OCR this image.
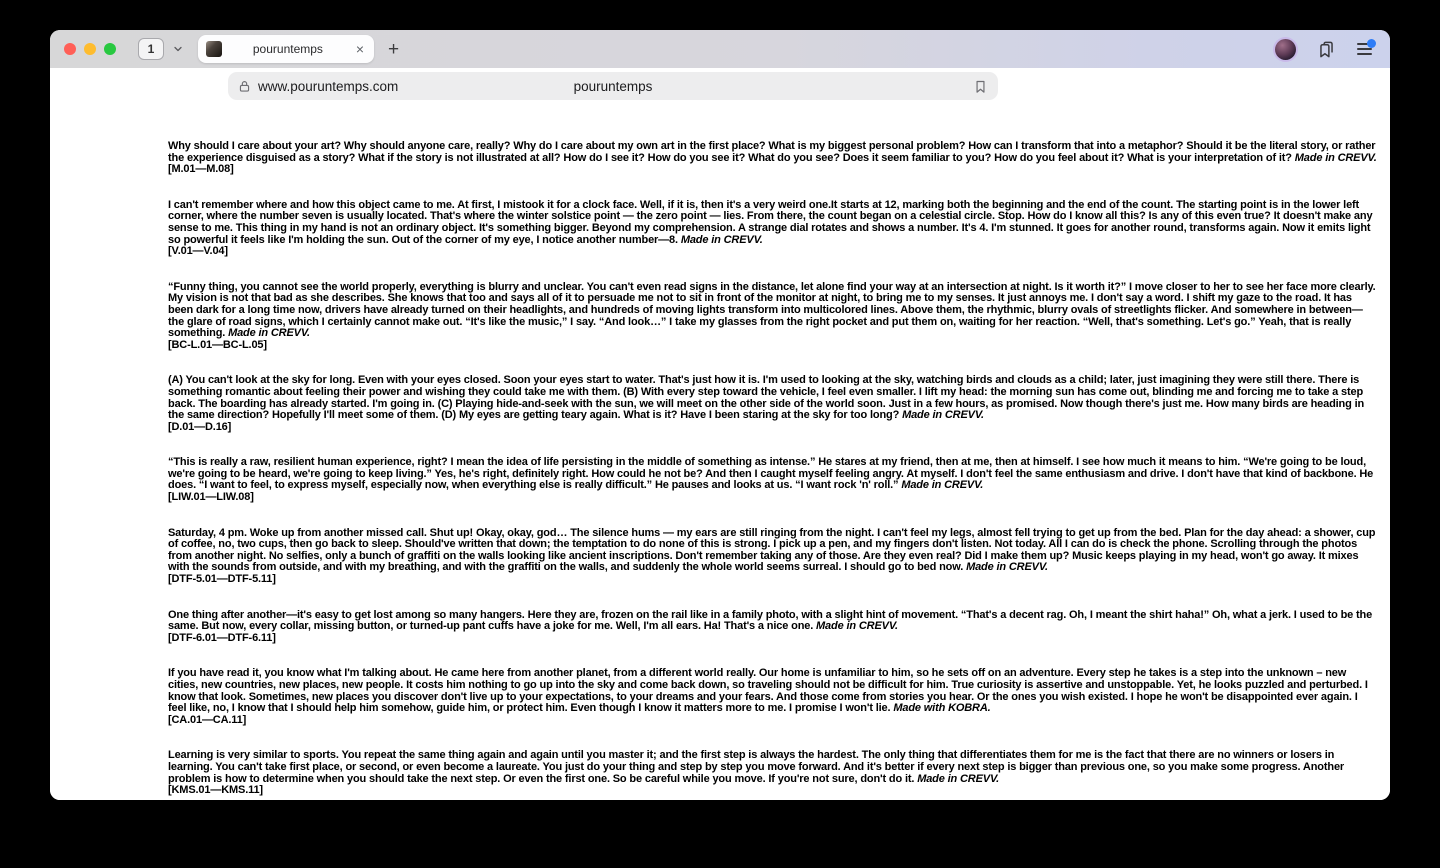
1	pouruntemps	× +
www.pouruntemps.com	pouruntemps

Why should I care about your art? Why should anyone care, really? Why do I care about my own art in the first place? What is my biggest personal problem? How can I transform that into a metaphor? Should it be the literal story, or rather the experience disguised as a story? What if the story is not illustrated at all? How do I see it? How do you see it? What do you see? Does it seem familiar to you? How do you feel about it? What is your interpretation of it? Made in CREVV.

[M.01—M.08]

I can't remember where and how this object came to me. At first, I mistook it for a clock face. Well, if it is, then it's a very weird one.It starts at 12, marking both the beginning and the end of the count. The starting point is in the lower left corner, where the number seven is usually located. That's where the winter solstice point — the zero point — lies. From there, the count began on a celestial circle. Stop. How do I know all this? Is any of this even true? It doesn't make any sense to me. This thing in my hand is not an ordinary object. It's something bigger. Beyond my comprehension. A strange dial rotates and shows a number. It's 4. I'm stunned. It goes for another round, transforms again. Now it emits light so powerful it feels like I'm holding the sun. Out of the corner of my eye, I notice another number—8. Made in CREVV.

[V.01—V.04]

“Funny thing, you cannot see the world properly, everything is blurry and unclear. You can't even read signs in the distance, let alone find your way at an intersection at night. Is it worth it?” I move closer to her to see her face more clearly. My vision is not that bad as she describes. She knows that too and says all of it to persuade me not to sit in front of the monitor at night, to bring me to my senses. It just annoys me. I don't say a word. I shift my gaze to the road. It has been dark for a long time now, drivers have already turned on their headlights, and hundreds of moving lights transform into multicolored lines. Above them, the rhythmic, blurry ovals of streetlights flicker. And somewhere in between—the glare of road signs, which I certainly cannot make out. “It's like the music,” I say. “And look…” I take my glasses from the right pocket and put them on, waiting for her reaction. “Well, that's something. Let's go.” Yeah, that is really something. Made in CREVV.

[BC-L.01—BC-L.05]

(A) You can't look at the sky for long. Even with your eyes closed. Soon your eyes start to water. That's just how it is. I'm used to looking at the sky, watching birds and clouds as a child; later, just imagining they were still there. There is something romantic about feeling their power and wishing they could take me with them. (B) With every step toward the vehicle, I feel even smaller. I lift my head: the morning sun has come out, blinding me and forcing me to take a step back. The boarding has already started. I'm going in. (C) Playing hide-and-seek with the sun, we will meet on the other side of the world soon. Just in a few hours, as promised. Now though there's just me. How many birds are heading in the same direction? Hopefully I'll meet some of them. (D) My eyes are getting teary again. What is it? Have I been staring at the sky for too long? Made in CREVV.

[D.01—D.16]

“This is really a raw, resilient human experience, right? I mean the idea of life persisting in the middle of something as intense.” He stares at my friend, then at me, then at himself. I see how much it means to him. “We're going to be loud, we're going to be heard, we're going to keep living.” Yes, he's right, definitely right. How could he not be? And then I caught myself feeling angry. At myself. I don't feel the same enthusiasm and drive. I don't have that kind of backbone. He does. “I want to feel, to express myself, especially now, when everything else is really difficult.” He pauses and looks at us. “I want rock 'n' roll.” Made in CREVV.

[LIW.01—LIW.08]

Saturday, 4 pm. Woke up from another missed call. Shut up! Okay, okay, god… The silence hums — my ears are still ringing from the night. I can't feel my legs, almost fell trying to get up from the bed. Plan for the day ahead: a shower, cup of coffee, no, two cups, then go back to sleep. Should've written that down; the temptation to do none of this is strong. I pick up a pen, and my fingers don't listen. Not today. All I can do is check the phone. Scrolling through the photos from another night. No selfies, only a bunch of graffiti on the walls looking like ancient inscriptions. Don't remember taking any of those. Are they even real? Did I make them up? Music keeps playing in my head, won't go away. It mixes with the sounds from outside, and with my breathing, and with the graffiti on the walls, and suddenly the whole world seems surreal. I should go to bed now. Made in CREVV.

[DTF-5.01—DTF-5.11]

One thing after another—it's easy to get lost among so many hangers. Here they are, frozen on the rail like in a family photo, with a slight hint of movement. “That's a decent rag. Oh, I meant the shirt haha!” Oh, what a jerk. I used to be the same. But now, every collar, missing button, or turned-up pant cuffs have a joke for me. Well, I'm all ears. Ha! That's a nice one. Made in CREVV.

[DTF-6.01—DTF-6.11]

If you have read it, you know what I'm talking about. He came here from another planet, from a different world really. Our home is unfamiliar to him, so he sets off on an adventure. Every step he takes is a step into the unknown – new cities, new countries, new places, new people. It costs him nothing to go up into the sky and come back down, so traveling should not be difficult for him. True curiosity is assertive and unstoppable. Yet, he looks puzzled and perturbed. I know that look. Sometimes, new places you discover don't live up to your expectations, to your dreams and your fears. And those come from stories you hear. Or the ones you wish existed. I hope he won't be disappointed ever again. I feel like, no, I know that I should help him somehow, guide him, or protect him. Even though I know it matters more to me. I promise I won't lie. Made with KOBRA.

[CA.01—CA.11]

Learning is very similar to sports. You repeat the same thing again and again until you master it; and the first step is always the hardest. The only thing that differentiates them for me is the fact that there are no winners or losers in learning. You can't take first place, or second, or even become a laureate. You just do your thing and step by step you move forward. And it's better if every next step is bigger than previous one, so you make some progress. Another problem is how to determine when you should take the next step. Or even the first one. So be careful while you move. If you're not sure, don't do it. Made in CREVV.

[KMS.01—KMS.11]
